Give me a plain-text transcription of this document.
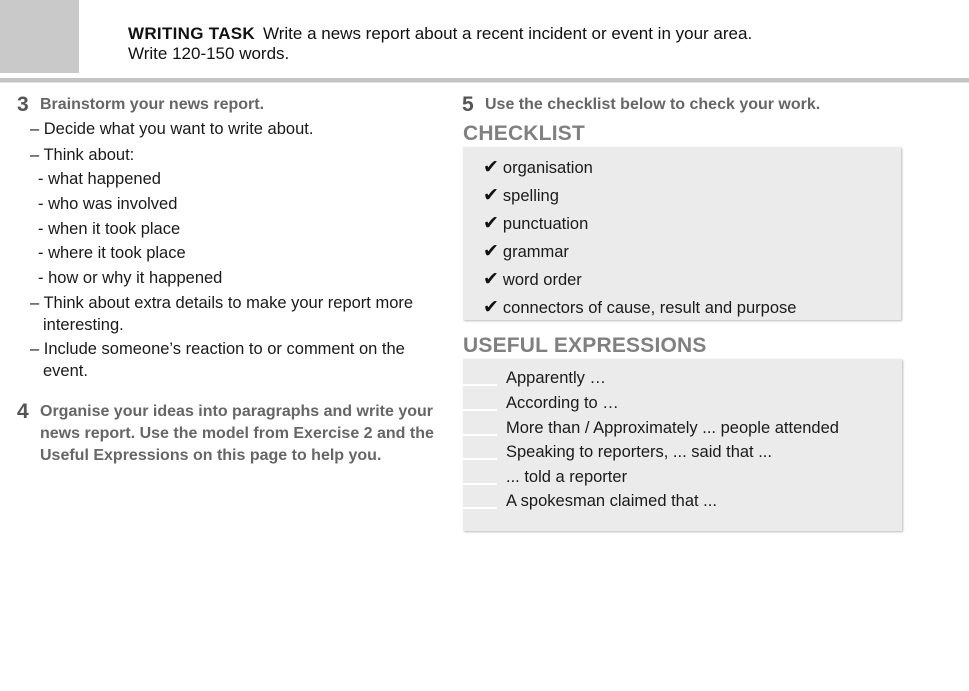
WRITING TASK Write a news report about a recent incident or event in your area.
Write 120-150 words.
3 Brainstorm your news report.
– Decide what you want to write about.
– Think about:
- what happened
- who was involved
- when it took place
- where it took place
- how or why it happened
– Think about extra details to make your report more
interesting.
– Include someone’s reaction to or comment on the
event.
4 Organise your ideas into paragraphs and write your
news report. Use the model from Exercise 2 and the
Useful Expressions on this page to help you.
5 Use the checklist below to check your work.
CHECKLIST
✔ organisation
✔ spelling
✔ punctuation
✔ grammar
✔ word order
✔ connectors of cause, result and purpose
USEFUL EXPRESSIONS
Apparently …
According to …
More than / Approximately ... people attended
Speaking to reporters, ... said that ...
... told a reporter
A spokesman claimed that ...
